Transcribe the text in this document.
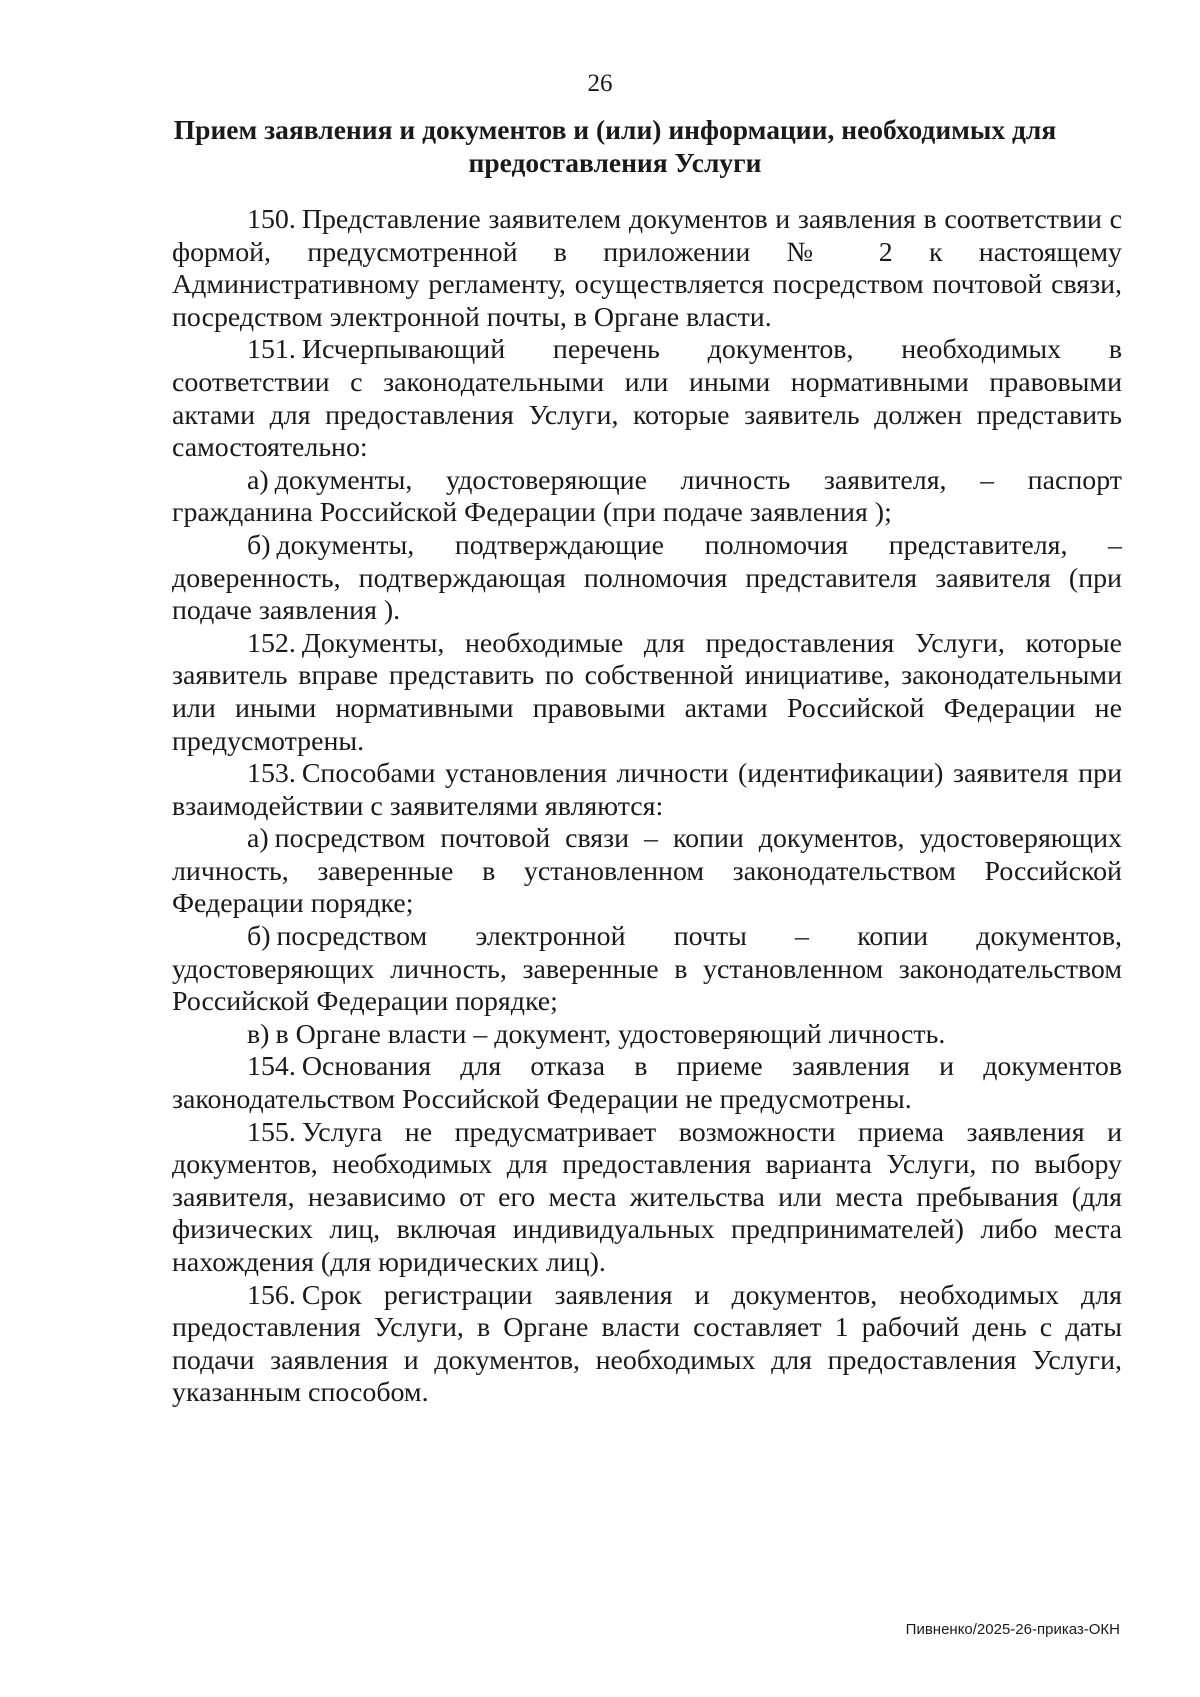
26
Прием заявления и документов и (или) информации, необходимых для
предоставления Услуги

150. Представление заявителем документов и заявления в соответствии с формой, предусмотренной в приложении № 2 к настоящему Административному регламенту, осуществляется посредством почтовой связи, посредством электронной почты, в Органе власти.

151. Исчерпывающий перечень документов, необходимых в соответствии с законодательными или иными нормативными правовыми актами для предоставления Услуги, которые заявитель должен представить самостоятельно:

а) документы, удостоверяющие личность заявителя, – паспорт гражданина Российской Федерации (при подаче заявления );

б) документы, подтверждающие полномочия представителя, – доверенность, подтверждающая полномочия представителя заявителя (при подаче заявления ).

152. Документы, необходимые для предоставления Услуги, которые заявитель вправе представить по собственной инициативе, законодательными или иными нормативными правовыми актами Российской Федерации не предусмотрены.

153. Способами установления личности (идентификации) заявителя при взаимодействии с заявителями являются:

а) посредством почтовой связи – копии документов, удостоверяющих личность, заверенные в установленном законодательством Российской Федерации порядке;

б) посредством электронной почты – копии документов, удостоверяющих личность, заверенные в установленном законодательством Российской Федерации порядке;

в) в Органе власти – документ, удостоверяющий личность.

154. Основания для отказа в приеме заявления и документов законодательством Российской Федерации не предусмотрены.

155. Услуга не предусматривает возможности приема заявления и документов, необходимых для предоставления варианта Услуги, по выбору заявителя, независимо от его места жительства или места пребывания (для физических лиц, включая индивидуальных предпринимателей) либо места нахождения (для юридических лиц).

156. Срок регистрации заявления и документов, необходимых для предоставления Услуги, в Органе власти составляет 1 рабочий день с даты подачи заявления и документов, необходимых для предоставления Услуги, указанным способом.

Пивненко/2025-26-приказ-ОКН
